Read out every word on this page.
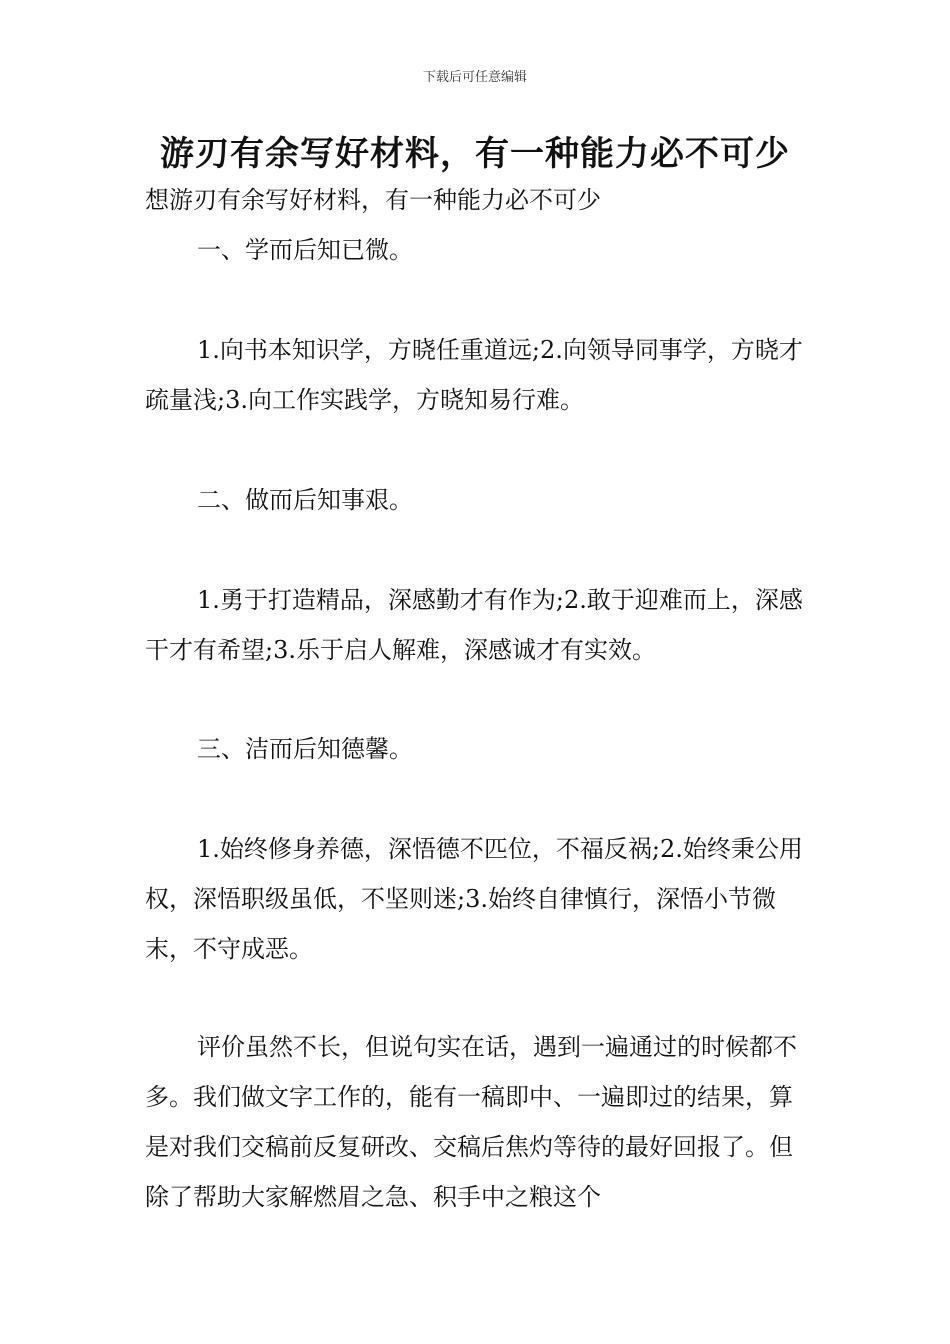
下载后可任意编辑
游刃有余写好材料，有一种能力必不可少

想游刃有余写好材料，有一种能力必不可少

一、学而后知已微。

1.向书本知识学，方晓任重道远;2.向领导同事学，方晓才疏量浅;3.向工作实践学，方晓知易行难。

二、做而后知事艰。

1.勇于打造精品，深感勤才有作为;2.敢于迎难而上，深感干才有希望;3.乐于启人解难，深感诚才有实效。

三、洁而后知德馨。

1.始终修身养德，深悟德不匹位，不福反祸;2.始终秉公用权，深悟职级虽低，不坚则迷;3.始终自律慎行，深悟小节微末，不守成恶。

评价虽然不长，但说句实在话，遇到一遍通过的时候都不多。我们做文字工作的，能有一稿即中、一遍即过的结果，算是对我们交稿前反复研改、交稿后焦灼等待的最好回报了。但除了帮助大家解燃眉之急、积手中之粮这个
